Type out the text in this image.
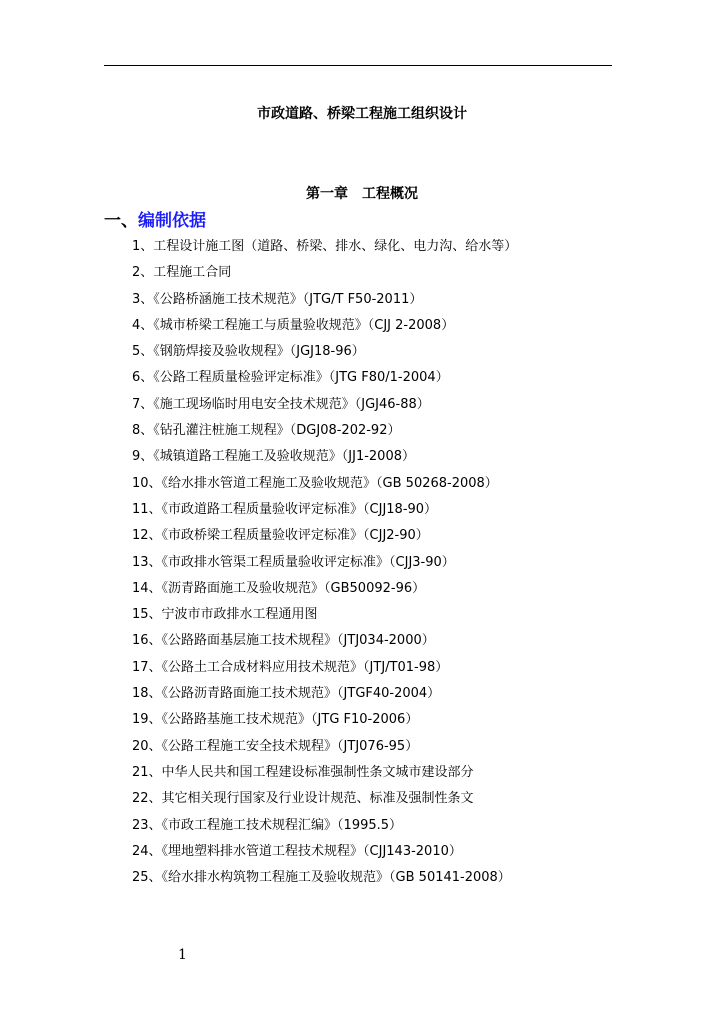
市政道路、桥梁工程施工组织设计
第一章　工程概况
一、编制依据
1、工程设计施工图（道路、桥梁、排水、绿化、电力沟、给水等）
2、工程施工合同
3、《公路桥涵施工技术规范》（JTG/T F50-2011）
4、《城市桥梁工程施工与质量验收规范》（CJJ 2-2008）
5、《钢筋焊接及验收规程》（JGJ18-96）
6、《公路工程质量检验评定标准》（JTG F80/1-2004）
7、《施工现场临时用电安全技术规范》（JGJ46-88）
8、《钻孔灌注桩施工规程》（DGJ08-202-92）
9、《城镇道路工程施工及验收规范》（JJ1-2008）
10、《给水排水管道工程施工及验收规范》（GB 50268-2008）
11、《市政道路工程质量验收评定标准》（CJJ18-90）
12、《市政桥梁工程质量验收评定标准》（CJJ2-90）
13、《市政排水管渠工程质量验收评定标准》（CJJ3-90）
14、《沥青路面施工及验收规范》（GB50092-96）
15、宁波市市政排水工程通用图
16、《公路路面基层施工技术规程》（JTJ034-2000）
17、《公路土工合成材料应用技术规范》（JTJ/T01-98）
18、《公路沥青路面施工技术规范》（JTGF40-2004）
19、《公路路基施工技术规范》（JTG F10-2006）
20、《公路工程施工安全技术规程》（JTJ076-95）
21、中华人民共和国工程建设标准强制性条文城市建设部分
22、其它相关现行国家及行业设计规范、标准及强制性条文
23、《市政工程施工技术规程汇编》（1995.5）
24、《埋地塑料排水管道工程技术规程》（CJJ143-2010）
25、《给水排水构筑物工程施工及验收规范》（GB 50141-2008）
1
